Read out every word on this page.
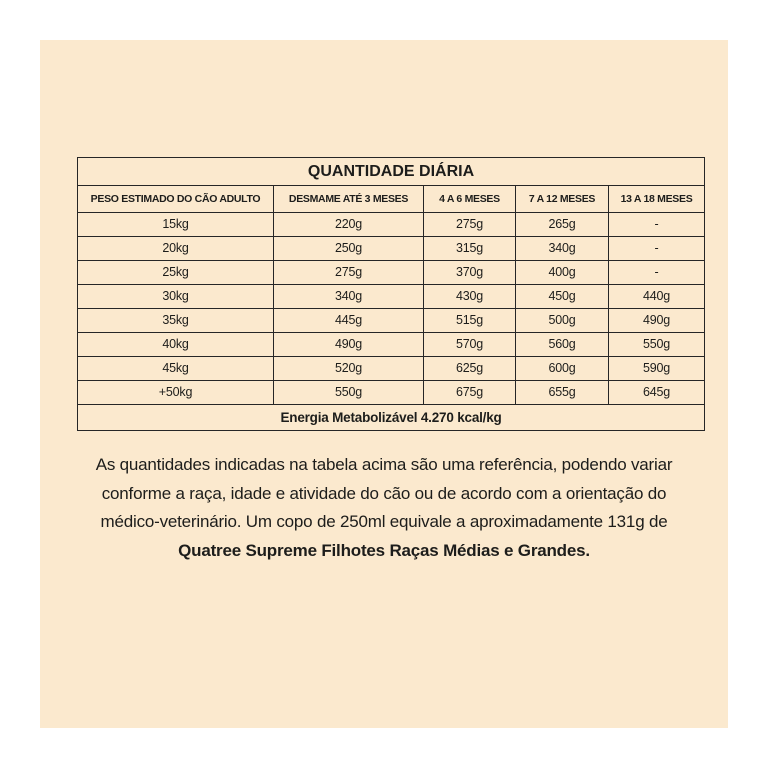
QUANTIDADE DIÁRIA				
PESO ESTIMADO DO CÃO ADULTO	DESMAME ATÉ 3 MESES	4 A 6 MESES	7 A 12 MESES	13 A 18 MESES
15kg	220g	275g	265g	-
20kg	250g	315g	340g	-
25kg	275g	370g	400g	-
30kg	340g	430g	450g	440g
35kg	445g	515g	500g	490g
40kg	490g	570g	560g	550g
45kg	520g	625g	600g	590g
+50kg	550g	675g	655g	645g
Energia Metabolizável 4.270 kcal/kg				
As quantidades indicadas na tabela acima são uma referência, podendo variar
conforme a raça, idade e atividade do cão ou de acordo com a orientação do
médico-veterinário. Um copo de 250ml equivale a aproximadamente 131g de
Quatree Supreme Filhotes Raças Médias e Grandes.
